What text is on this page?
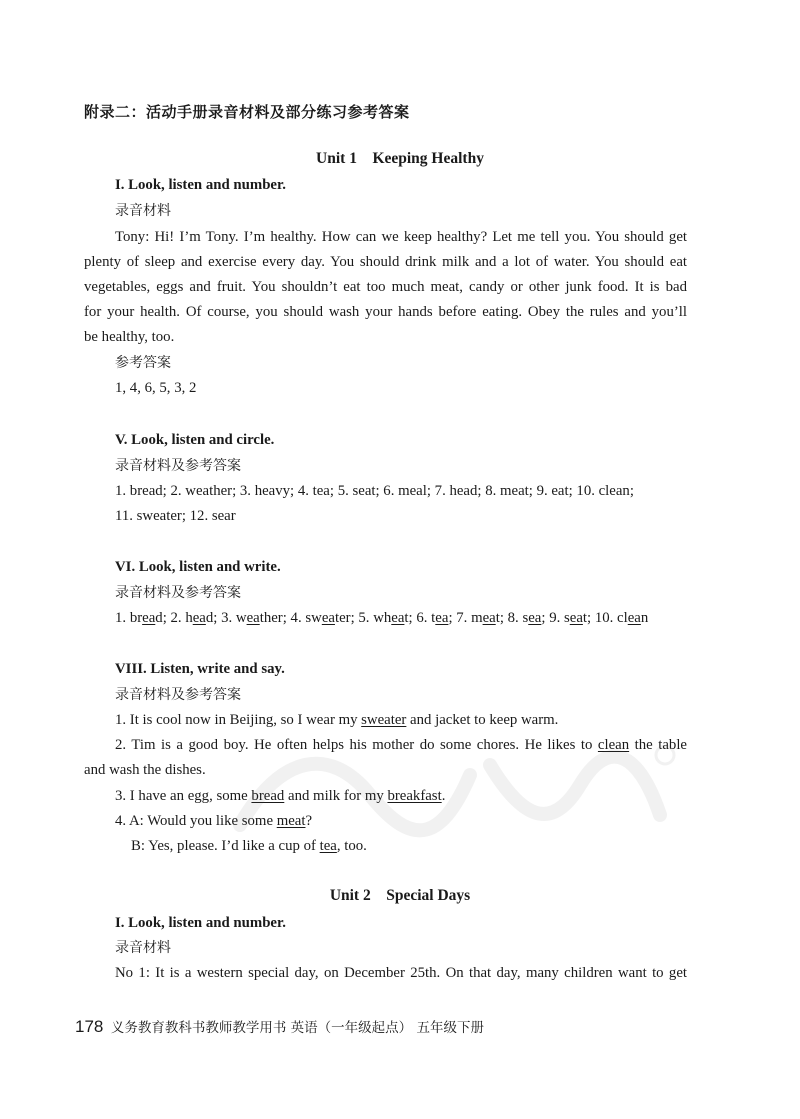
附录二：活动手册录音材料及部分练习参考答案
Unit 1    Keeping Healthy
I. Look, listen and number.
录音材料
Tony: Hi! I’m Tony. I’m healthy. How can we keep healthy? Let me tell you. You should get
plenty of sleep and exercise every day. You should drink milk and a lot of water. You should eat
vegetables, eggs and fruit. You shouldn’t eat too much meat, candy or other junk food. It is bad
for your health. Of course, you should wash your hands before eating. Obey the rules and you’ll
be healthy, too.
参考答案
1, 4, 6, 5, 3, 2
V. Look, listen and circle.
录音材料及参考答案
1. bread; 2. weather; 3. heavy; 4. tea; 5. seat; 6. meal; 7. head; 8. meat; 9. eat; 10. clean;
11. sweater; 12. sear
VI. Look, listen and write.
录音材料及参考答案
1. bread; 2. head; 3. weather; 4. sweater; 5. wheat; 6. tea; 7. meat; 8. sea; 9. seat; 10. clean
VIII. Listen, write and say.
录音材料及参考答案
1. It is cool now in Beijing, so I wear my sweater and jacket to keep warm.
2. Tim is a good boy. He often helps his mother do some chores. He likes to clean the table
and wash the dishes.
3. I have an egg, some bread and milk for my breakfast.
4. A: Would you like some meat?
B: Yes, please. I’d like a cup of tea, too.
Unit 2    Special Days
I. Look, listen and number.
录音材料
No 1: It is a western special day, on December 25th. On that day, many children want to get
178 义务教育教科书教师教学用书 英语（一年级起点） 五年级下册
